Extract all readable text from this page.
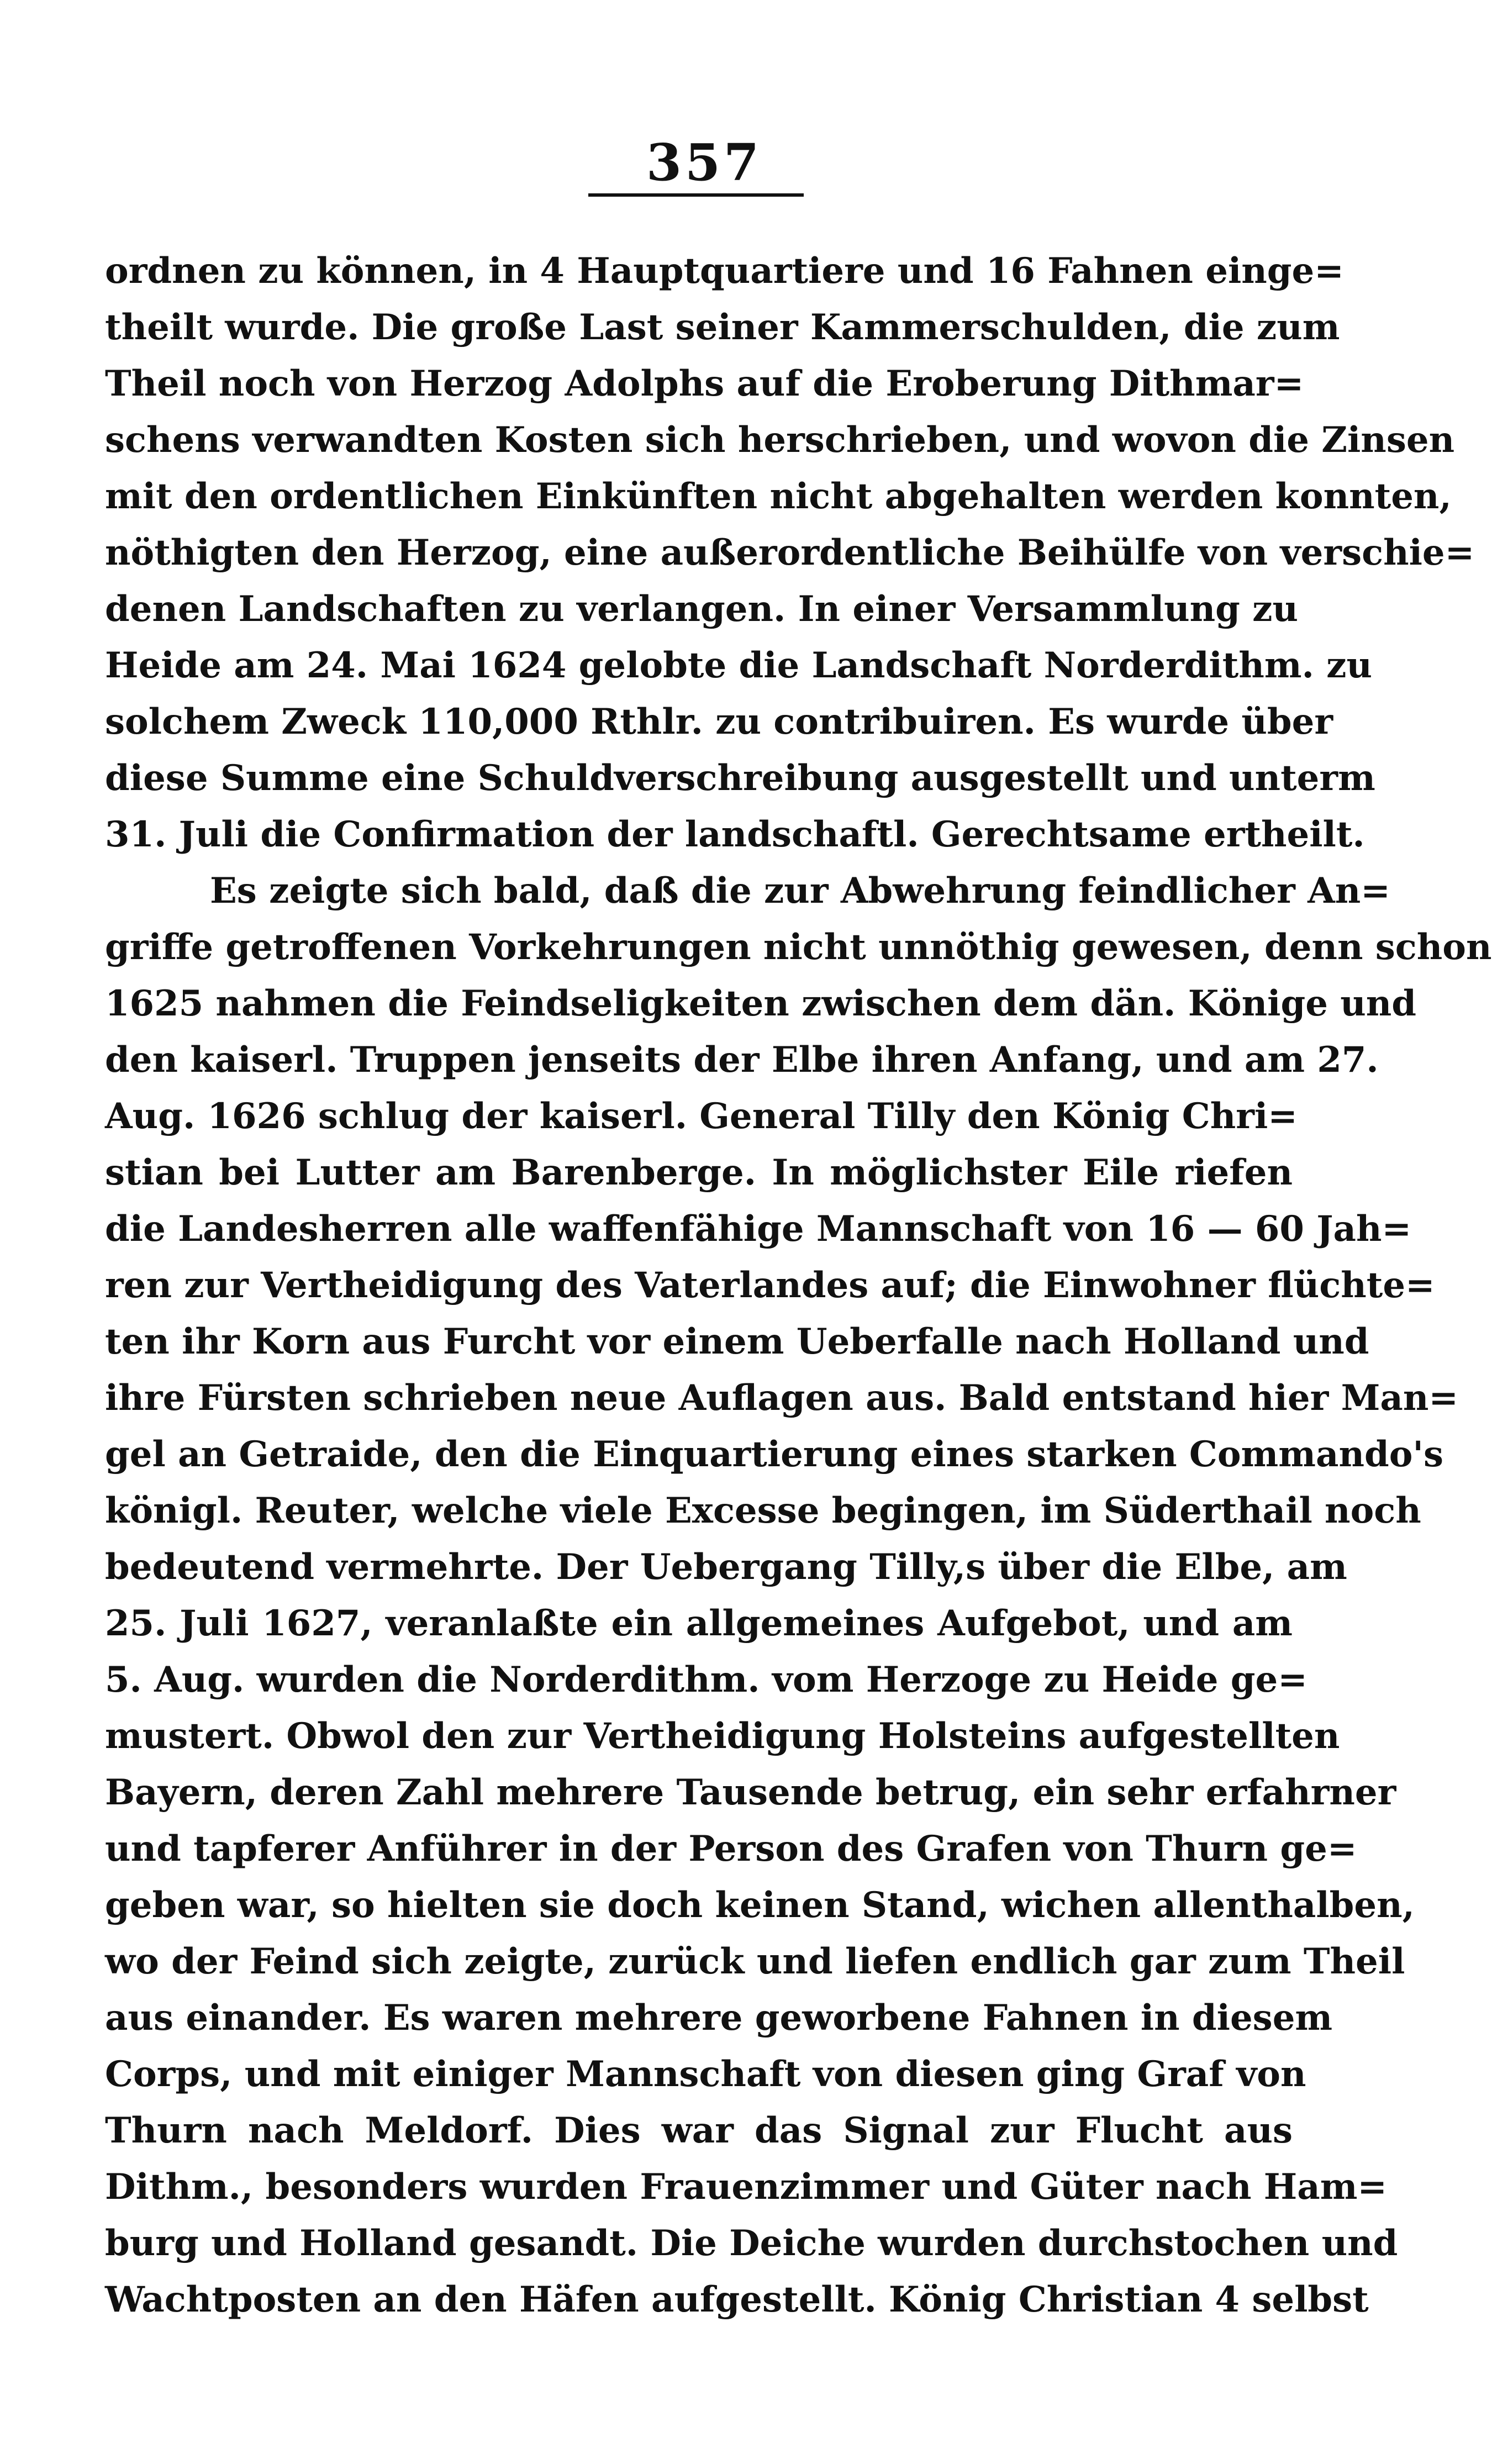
357
ordnen zu können, in 4 Hauptquartiere und 16 Fahnen einge=
theilt wurde. Die große Last seiner Kammerschulden, die zum
Theil noch von Herzog Adolphs auf die Eroberung Dithmar=
schens verwandten Kosten sich herschrieben, und wovon die Zinsen
mit den ordentlichen Einkünften nicht abgehalten werden konnten,
nöthigten den Herzog, eine außerordentliche Beihülfe von verschie=
denen Landschaften zu verlangen. In einer Versammlung zu
Heide am 24. Mai 1624 gelobte die Landschaft Norderdithm. zu
solchem Zweck 110,000 Rthlr. zu contribuiren. Es wurde über
diese Summe eine Schuldverschreibung ausgestellt und unterm
31. Juli die Confirmation der landschaftl. Gerechtsame ertheilt.
Es zeigte sich bald, daß die zur Abwehrung feindlicher An=
griffe getroffenen Vorkehrungen nicht unnöthig gewesen, denn schon
1625 nahmen die Feindseligkeiten zwischen dem dän. Könige und
den kaiserl. Truppen jenseits der Elbe ihren Anfang, und am 27.
Aug. 1626 schlug der kaiserl. General Tilly den König Chri=
stian bei Lutter am Barenberge. In möglichster Eile riefen
die Landesherren alle waffenfähige Mannschaft von 16 — 60 Jah=
ren zur Vertheidigung des Vaterlandes auf; die Einwohner flüchte=
ten ihr Korn aus Furcht vor einem Ueberfalle nach Holland und
ihre Fürsten schrieben neue Auflagen aus. Bald entstand hier Man=
gel an Getraide, den die Einquartierung eines starken Commando's
königl. Reuter, welche viele Excesse begingen, im Süderthail noch
bedeutend vermehrte. Der Uebergang Tilly,s über die Elbe, am
25. Juli 1627, veranlaßte ein allgemeines Aufgebot, und am
5. Aug. wurden die Norderdithm. vom Herzoge zu Heide ge=
mustert. Obwol den zur Vertheidigung Holsteins aufgestellten
Bayern, deren Zahl mehrere Tausende betrug, ein sehr erfahrner
und tapferer Anführer in der Person des Grafen von Thurn ge=
geben war, so hielten sie doch keinen Stand, wichen allenthalben,
wo der Feind sich zeigte, zurück und liefen endlich gar zum Theil
aus einander. Es waren mehrere geworbene Fahnen in diesem
Corps, und mit einiger Mannschaft von diesen ging Graf von
Thurn nach Meldorf. Dies war das Signal zur Flucht aus
Dithm., besonders wurden Frauenzimmer und Güter nach Ham=
burg und Holland gesandt. Die Deiche wurden durchstochen und
Wachtposten an den Häfen aufgestellt. König Christian 4 selbst
